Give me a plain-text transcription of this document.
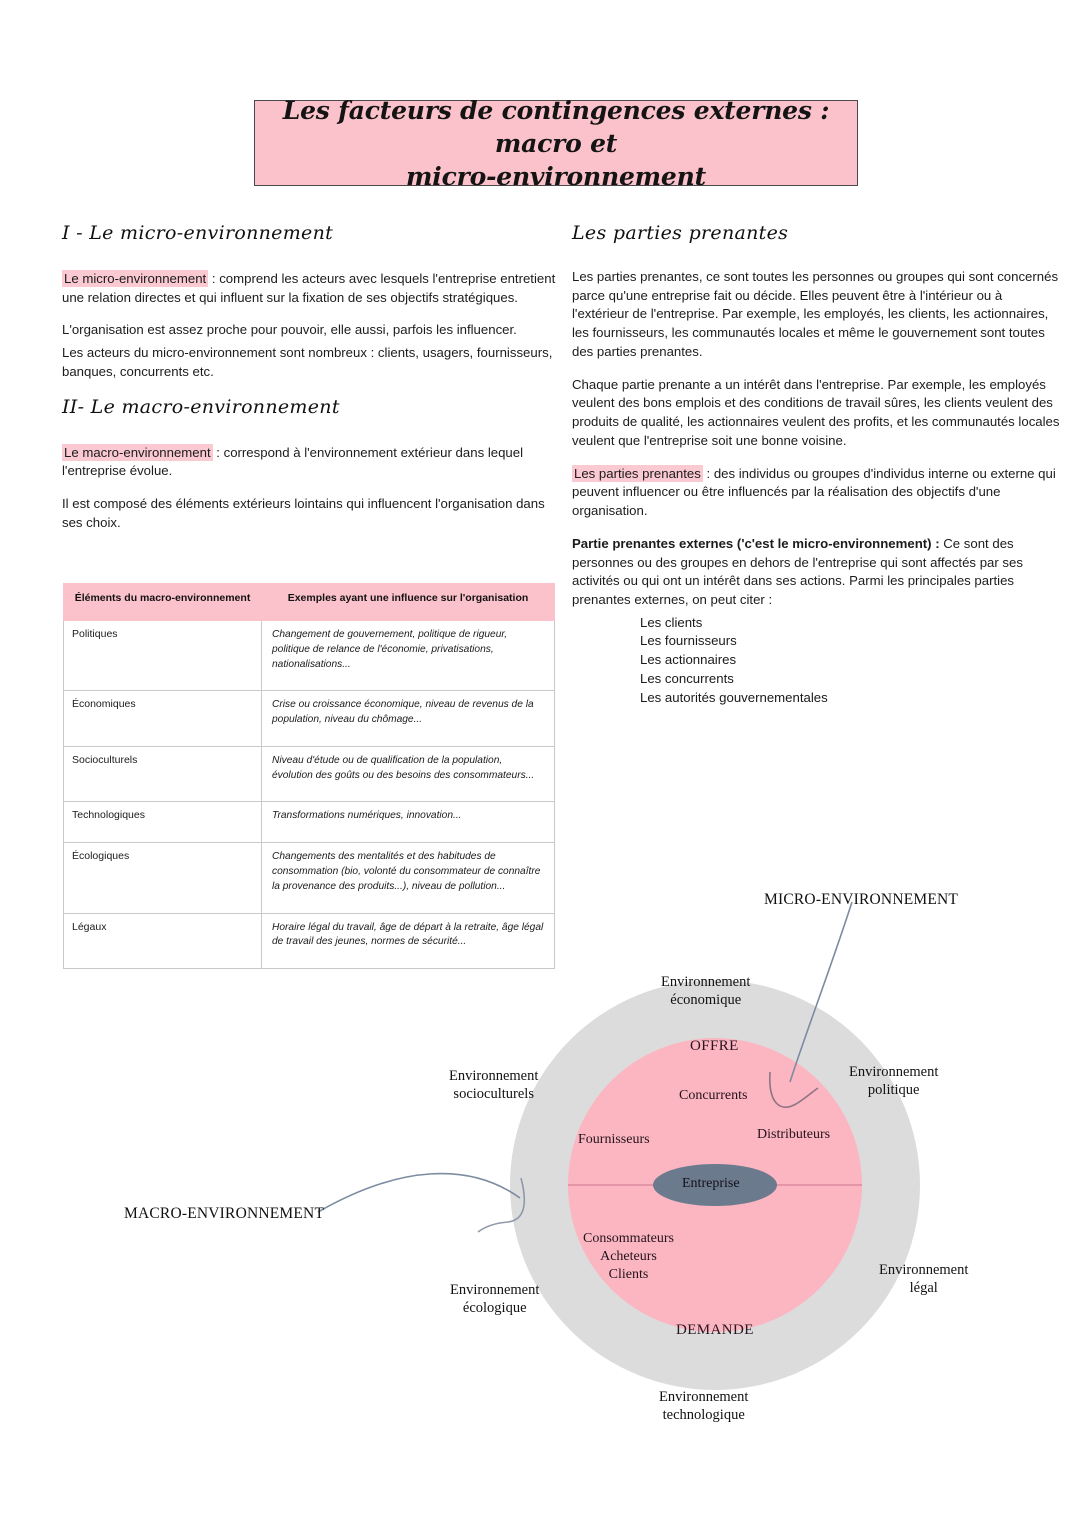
Les facteurs de contingences externes : macro et
micro-environnement
I - Le micro-environnement

Le micro-environnement : comprend les acteurs avec lesquels l'entreprise entretient une relation directes et qui influent sur la fixation de ses objectifs stratégiques.

L'organisation est assez proche pour pouvoir, elle aussi, parfois les influencer.

Les acteurs du micro-environnement sont nombreux : clients, usagers, fournisseurs, banques, concurrents etc.

II- Le macro-environnement

Le macro-environnement : correspond à l'environnement extérieur dans lequel l'entreprise évolue.

Il est composé des éléments extérieurs lointains qui influencent l'organisation dans ses choix.

Éléments du macro-environnement	Exemples ayant une influence sur l'organisation
Politiques	Changement de gouvernement, politique de rigueur, politique de relance de l'économie, privatisations, nationalisations...
Économiques	Crise ou croissance économique, niveau de revenus de la population, niveau du chômage...
Socioculturels	Niveau d'étude ou de qualification de la population, évolution des goûts ou des besoins des consommateurs...
Technologiques	Transformations numériques, innovation...
Écologiques	Changements des mentalités et des habitudes de consommation (bio, volonté du consommateur de connaître la provenance des produits...), niveau de pollution...
Légaux	Horaire légal du travail, âge de départ à la retraite, âge légal de travail des jeunes, normes de sécurité...
Les parties prenantes

Les parties prenantes, ce sont toutes les personnes ou groupes qui sont concernés parce qu'une entreprise fait ou décide. Elles peuvent être à l'intérieur ou à l'extérieur de l'entreprise. Par exemple, les employés, les clients, les actionnaires, les fournisseurs, les communautés locales et même le gouvernement sont toutes des parties prenantes.

Chaque partie prenante a un intérêt dans l'entreprise. Par exemple, les employés veulent des bons emplois et des conditions de travail sûres, les clients veulent des produits de qualité, les actionnaires veulent des profits, et les communautés locales veulent que l'entreprise soit une bonne voisine.

Les parties prenantes : des individus ou groupes d'individus interne ou externe qui peuvent influencer ou être influencés par la réalisation des objectifs d'une organisation.

Partie prenantes externes ('c'est le micro-environnement) : Ce sont des personnes ou des groupes en dehors de l'entreprise qui sont affectés par ses activités ou qui ont un intérêt dans ses actions. Parmi les principales parties prenantes externes, on peut citer :

Les clients
Les fournisseurs
Les actionnaires
Les concurrents
Les autorités gouvernementales
MICRO-ENVIRONNEMENT
MACRO-ENVIRONNEMENT
Environnement
économique
Environnement
socioculturels
Environnement
politique
Environnement
écologique
Environnement
légal
Environnement
technologique
OFFRE
Concurrents
Fournisseurs	Distributeurs
Entreprise
Consommateurs
Acheteurs
Clients
DEMANDE
